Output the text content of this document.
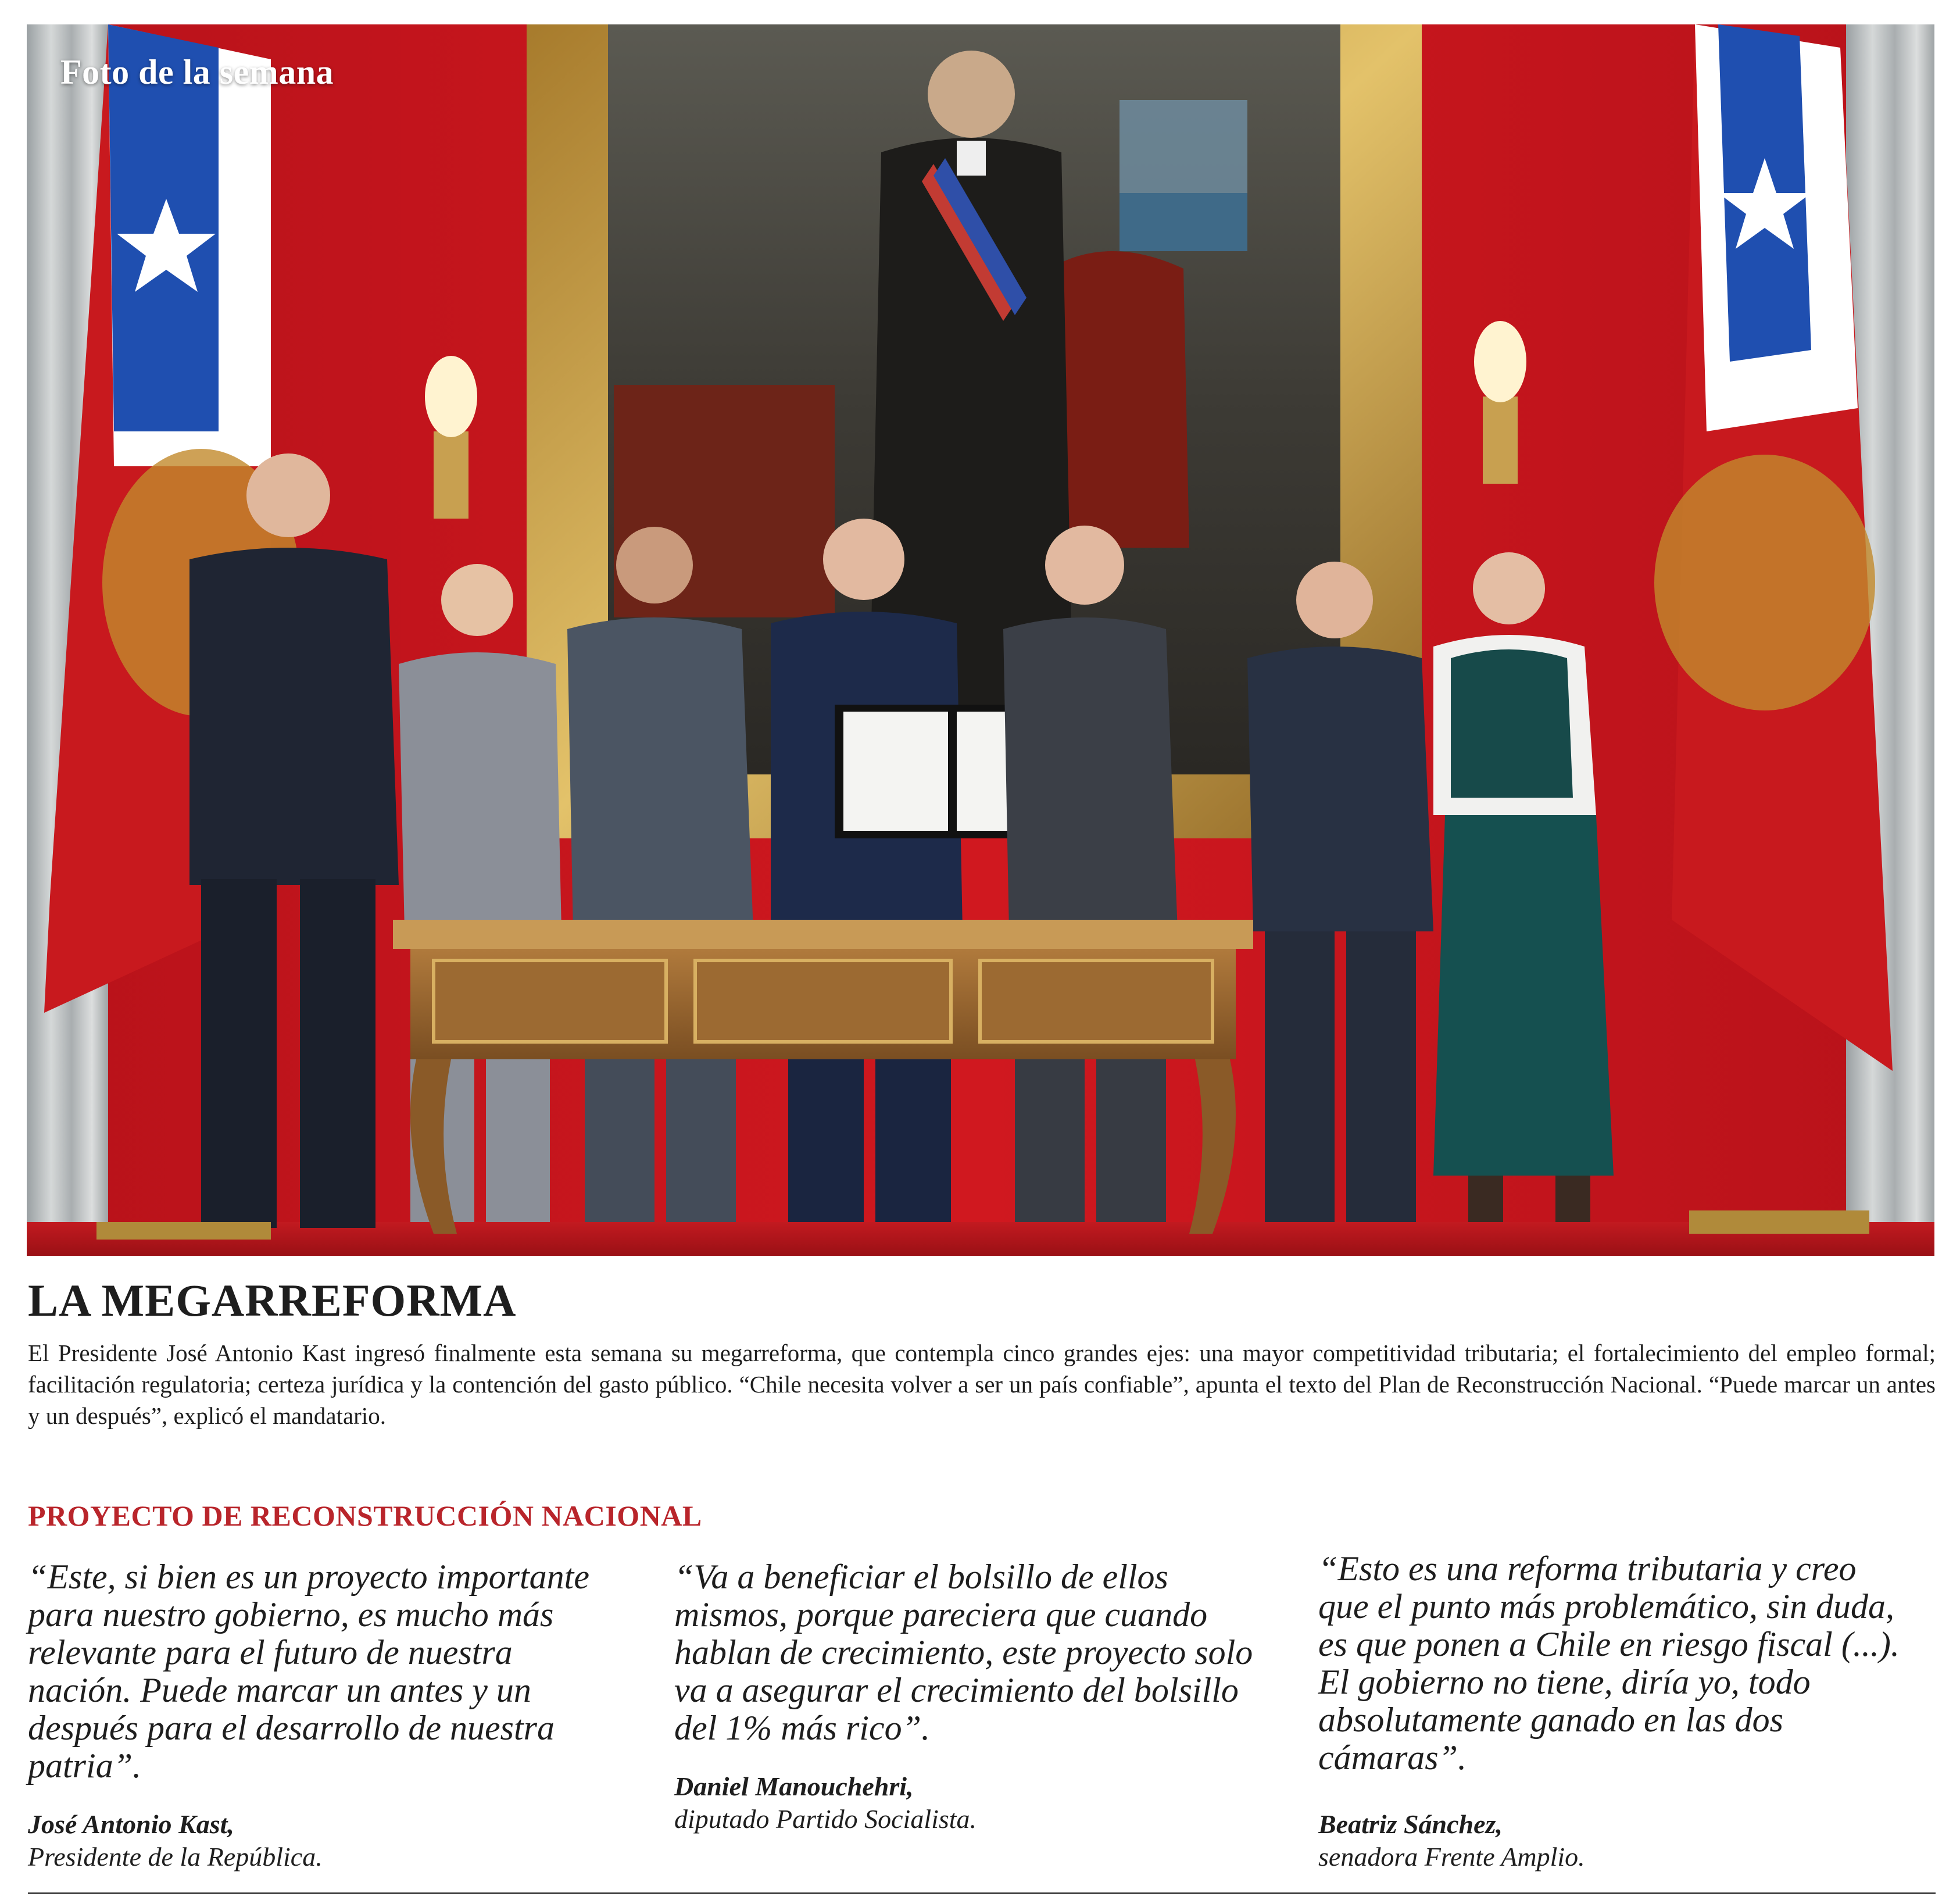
Foto de la semana
LA MEGARREFORMA

El Presidente José Antonio Kast ingresó finalmente esta semana su megarreforma, que contempla cinco grandes ejes: una mayor competitividad tributaria; el fortalecimiento del empleo formal; facilitación regulatoria; certeza jurídica y la contención del gasto público. “Chile necesita volver a ser un país confiable”, apunta el texto del Plan de Reconstrucción Nacional. “Puede marcar un antes y un después”, explicó el mandatario.

PROYECTO DE RECONSTRUCCIÓN NACIONAL

“Este, si bien es un proyecto importante para nuestro gobierno, es mucho más relevante para el futuro de nuestra nación. Puede marcar un antes y un después para el desarrollo de nuestra patria”.

José Antonio Kast,

Presidente de la República.

“Va a beneficiar el bolsillo de ellos mismos, porque pareciera que cuando hablan de crecimiento, este proyecto solo va a asegurar el crecimiento del bolsillo del 1% más rico”.

Daniel Manouchehri,

diputado Partido Socialista.

“Esto es una reforma tributaria y creo que el punto más problemático, sin duda, es que ponen a Chile en riesgo fiscal (...). El gobierno no tiene, diría yo, todo absolutamente ganado en las dos cámaras”.

Beatriz Sánchez,

senadora Frente Amplio.
